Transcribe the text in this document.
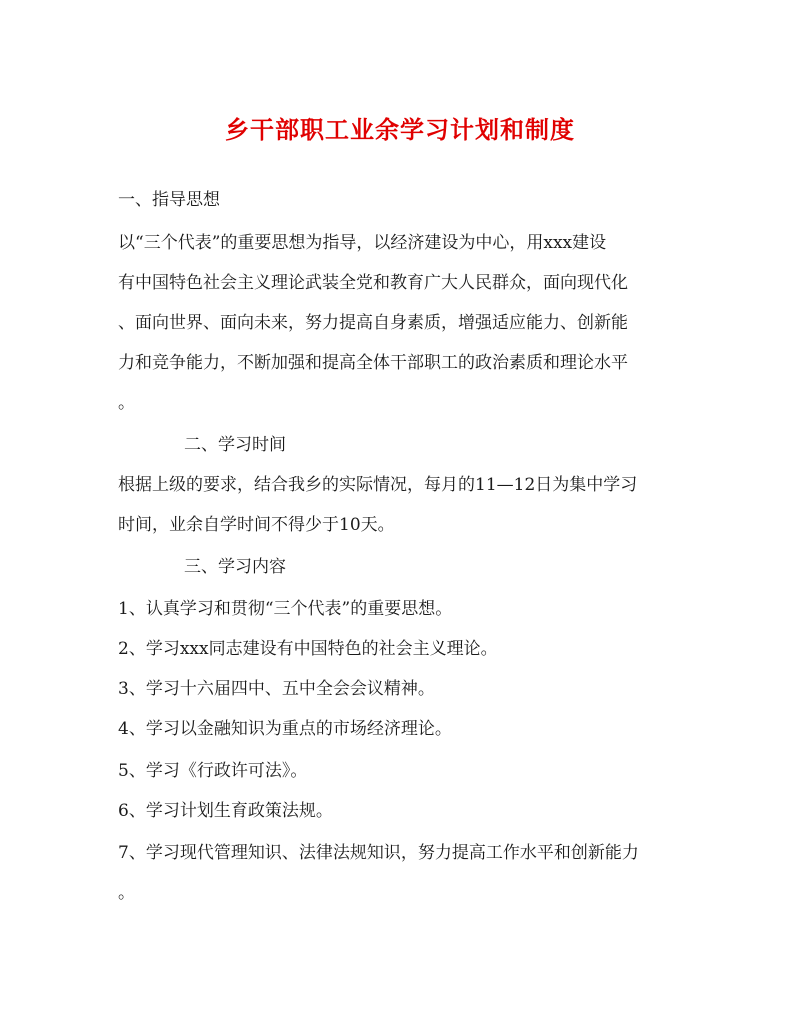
乡干部职工业余学习计划和制度
一、指导思想
以“三个代表”的重要思想为指导，以经济建设为中心，用xxx建设
有中国特色社会主义理论武装全党和教育广大人民群众，面向现代化
、面向世界、面向未来，努力提高自身素质，增强适应能力、创新能
力和竞争能力，不断加强和提高全体干部职工的政治素质和理论水平
。
二、学习时间
根据上级的要求，结合我乡的实际情况，每月的11—12日为集中学习
时间，业余自学时间不得少于10天。
三、学习内容
1、认真学习和贯彻“三个代表”的重要思想。
2、学习xxx同志建设有中国特色的社会主义理论。
3、学习十六届四中、五中全会会议精神。
4、学习以金融知识为重点的市场经济理论。
5、学习《行政许可法》。
6、学习计划生育政策法规。
7、学习现代管理知识、法律法规知识，努力提高工作水平和创新能力
。
